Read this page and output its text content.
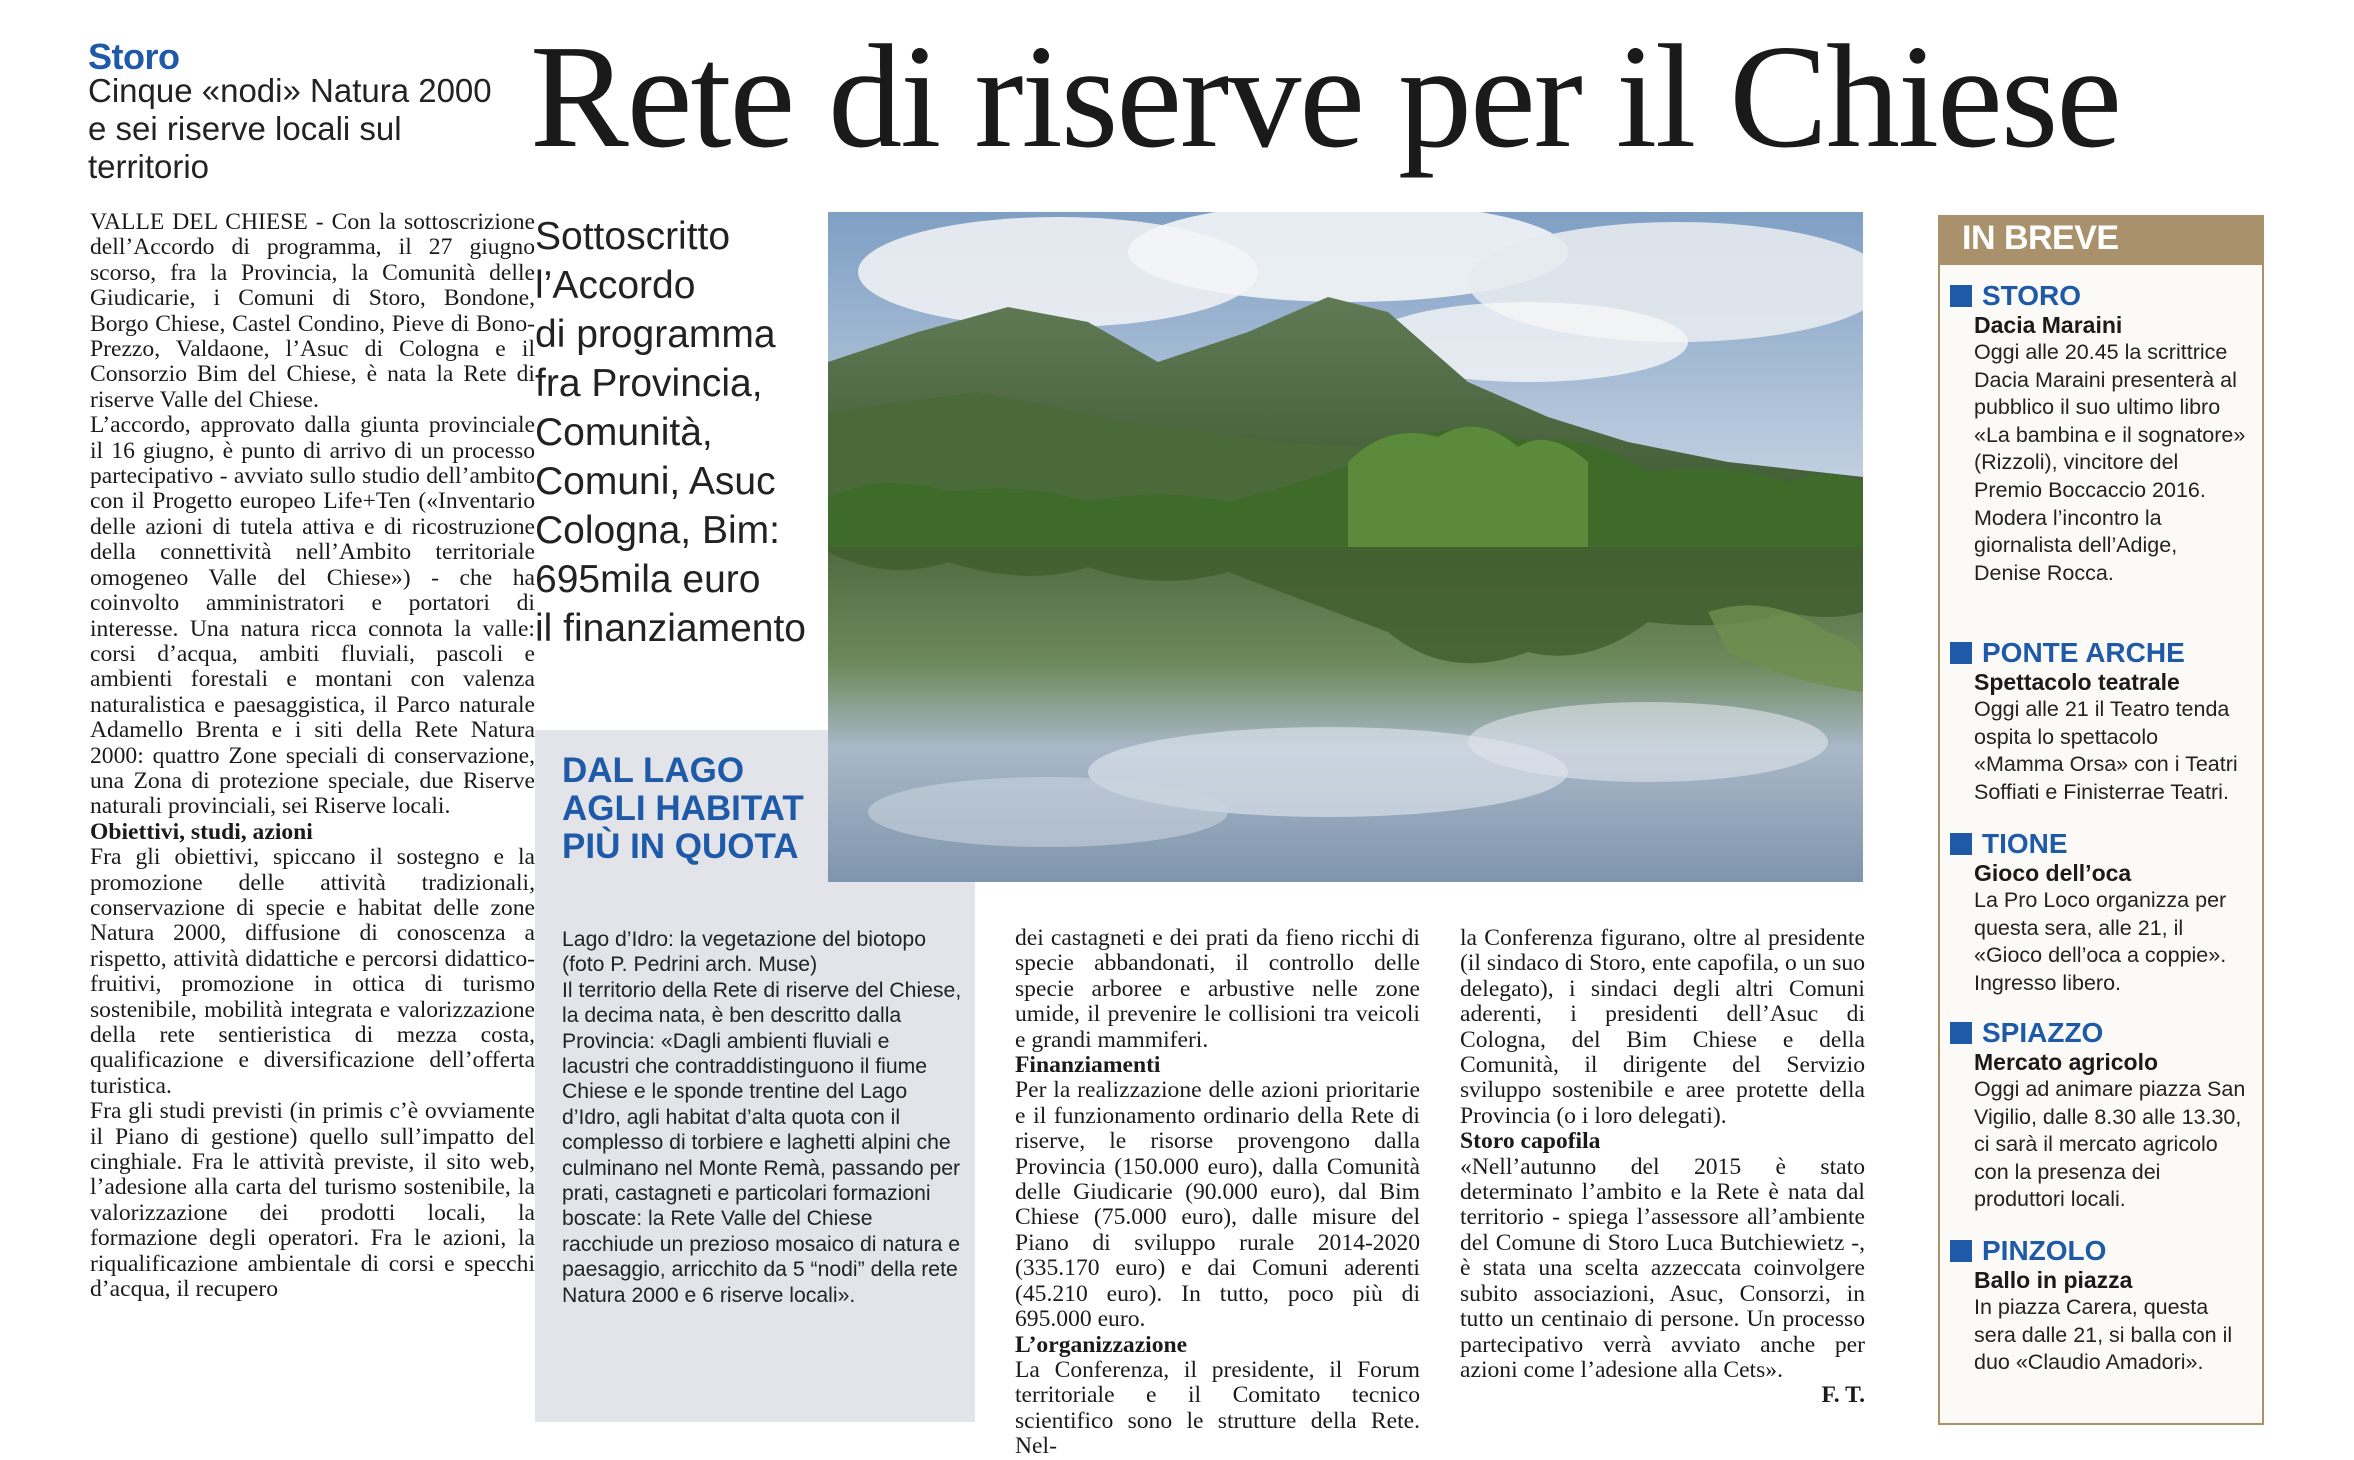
Storo
Cinque «nodi» Natura 2000
e sei riserve locali sul territorio	Rete di riserve per il Chiese

VALLE DEL CHIESE - Con la sottoscrizione dell’Accordo di programma, il 27 giugno scorso, fra la Provincia, la Comunità delle Giudicarie, i Comuni di Storo, Bondone, Borgo Chiese, Castel Condino, Pieve di Bono-Prezzo, Valdaone, l’Asuc di Cologna e il Consorzio Bim del Chiese, è nata la Rete di riserve Valle del Chiese.

L’accordo, approvato dalla giunta provinciale il 16 giugno, è punto di arrivo di un processo partecipativo - avviato sullo studio dell’ambito con il Progetto europeo Life+Ten («Inventario delle azioni di tutela attiva e di ricostruzione della connettività nell’Ambito territoriale omogeneo Valle del Chiese») - che ha coinvolto amministratori e portatori di interesse. Una natura ricca connota la valle: corsi d’acqua, ambiti fluviali, pascoli e ambienti forestali e montani con valenza naturalistica e paesaggistica, il Parco naturale Adamello Brenta e i siti della Rete Natura 2000: quattro Zone speciali di conservazione, una Zona di protezione speciale, due Riserve naturali provinciali, sei Riserve locali.

Obiettivi, studi, azioni

Fra gli obiettivi, spiccano il sostegno e la promozione delle attività tradizionali, conservazione di specie e habitat delle zone Natura 2000, diffusione di conoscenza a rispetto, attività didattiche e percorsi didattico-fruitivi, promozione in ottica di turismo sostenibile, mobilità integrata e valorizzazione della rete sentieristica di mezza costa, qualificazione e diversificazione dell’offerta turistica.

Fra gli studi previsti (in primis c’è ovviamente il Piano di gestione) quello sull’impatto del cinghiale. Fra le attività previste, il sito web, l’adesione alla carta del turismo sostenibile, la valorizzazione dei prodotti locali, la formazione degli operatori. Fra le azioni, la riqualificazione ambientale di corsi e specchi d’acqua, il recupero

Sottoscritto
l’Accordo
di programma
fra Provincia,
Comunità,
Comuni, Asuc
Cologna, Bim:
695mila euro
il finanziamento
DAL LAGO
AGLI HABITAT
PIÙ IN QUOTA

Lago d’Idro: la vegetazione del biotopo (foto P. Pedrini arch. Muse)

Il territorio della Rete di riserve del Chiese, la decima nata, è ben descritto dalla Provincia: «Dagli ambienti fluviali e lacustri che contraddistinguono il fiume Chiese e le sponde trentine del Lago d’Idro, agli habitat d’alta quota con il complesso di torbiere e laghetti alpini che culminano nel Monte Remà, passando per prati, castagneti e particolari formazioni boscate: la Rete Valle del Chiese racchiude un prezioso mosaico di natura e paesaggio, arricchito da 5 “nodi” della rete Natura 2000 e 6 riserve locali».

dei castagneti e dei prati da fieno ricchi di specie abbandonati, il controllo delle specie arboree e arbustive nelle zone umide, il prevenire le collisioni tra veicoli e grandi mammiferi.

Finanziamenti

Per la realizzazione delle azioni prioritarie e il funzionamento ordinario della Rete di riserve, le risorse provengono dalla Provincia (150.000 euro), dalla Comunità delle Giudicarie (90.000 euro), dal Bim Chiese (75.000 euro), dalle misure del Piano di sviluppo rurale 2014-2020 (335.170 euro) e dai Comuni aderenti (45.210 euro). In tutto, poco più di 695.000 euro.

L’organizzazione

La Conferenza, il presidente, il Forum territoriale e il Comitato tecnico scientifico sono le strutture della Rete. Nel-

la Conferenza figurano, oltre al presidente (il sindaco di Storo, ente capofila, o un suo delegato), i sindaci degli altri Comuni aderenti, i presidenti dell’Asuc di Cologna, del Bim Chiese e della Comunità, il dirigente del Servizio sviluppo sostenibile e aree protette della Provincia (o i loro delegati).

Storo capofila

«Nell’autunno del 2015 è stato determinato l’ambito e la Rete è nata dal territorio - spiega l’assessore all’ambiente del Comune di Storo Luca Butchiewietz -, è stata una scelta azzeccata coinvolgere subito associazioni, Asuc, Consorzi, in tutto un centinaio di persone. Un processo partecipativo verrà avviato anche per azioni come l’adesione alla Cets».

F. T.

IN BREVE
STORO
Dacia Maraini
Oggi alle 20.45 la scrittrice Dacia Maraini presenterà al pubblico il suo ultimo libro «La bambina e il sognatore» (Rizzoli), vincitore del Premio Boccaccio 2016. Modera l’incontro la giornalista dell’Adige, Denise Rocca.
PONTE ARCHE
Spettacolo teatrale
Oggi alle 21 il Teatro tenda ospita lo spettacolo «Mamma Orsa» con i Teatri Soffiati e Finisterrae Teatri.
TIONE
Gioco dell’oca
La Pro Loco organizza per questa sera, alle 21, il «Gioco dell’oca a coppie». Ingresso libero.
SPIAZZO
Mercato agricolo
Oggi ad animare piazza San Vigilio, dalle 8.30 alle 13.30, ci sarà il mercato agricolo con la presenza dei produttori locali.
PINZOLO
Ballo in piazza
In piazza Carera, questa sera dalle 21, si balla con il duo «Claudio Amadori».
